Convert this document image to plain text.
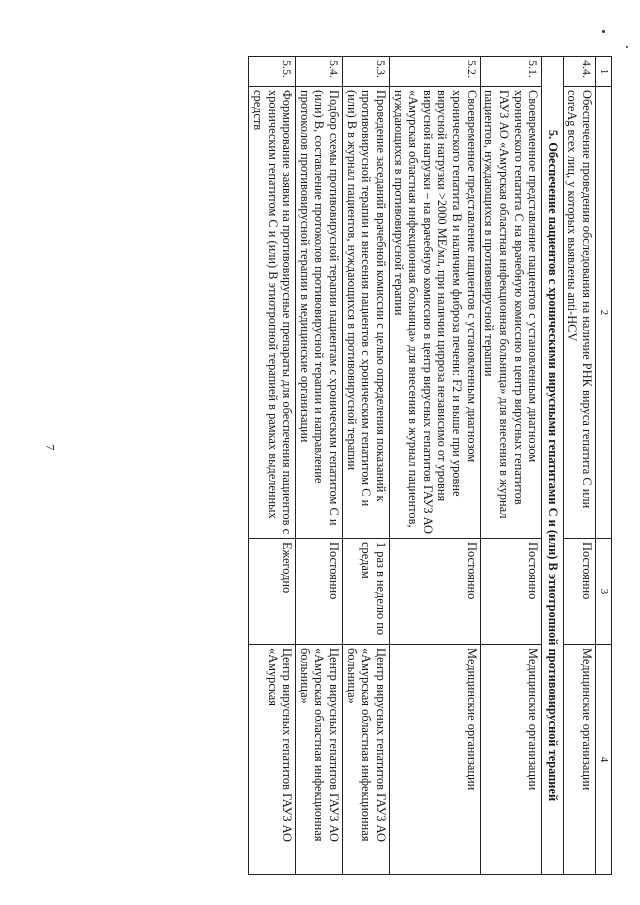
7
1	2	3	4
4.4.	Обеспечение проведения обследования на наличие РНК вируса гепатита С или coreAg всех лиц, у которых выявлены anti-HCV	Постоянно	Медицинские организации
5. Обеспечение пациентов с хроническими вирусными гепатитами С и (или) В этиотропной противовирусной терапией			
5.1.	Своевременное представление пациентов с установленным диагнозом хронического гепатита С на врачебную комиссию в центр вирусных гепатитов ГАУЗ АО «Амурская областная инфекционная больница» для внесения в журнал пациентов, нуждающихся в противовирусной терапии	Постоянно	Медицинские организации
5.2.	Своевременное представление пациентов с установленным диагнозом хронического гепатита В и наличием фиброза печени: F2 и выше при уровне вирусной нагрузки >2000 МЕ/мл, при наличии цирроза независимо от уровня вирусной нагрузки – на врачебную комиссию в центр вирусных гепатитов ГАУЗ АО «Амурская областная инфекционная больница» для внесения в журнал пациентов, нуждающихся в противовирусной терапии	Постоянно	Медицинские организации
5.3.	Проведение заседаний врачебной комиссии с целью определения показаний к противовирусной терапии и внесения пациентов с хроническим гепатитом С и (или) В в журнал пациентов, нуждающихся в противовирусной терапии	1 раз в неделю по средам	Центр вирусных гепатитов ГАУЗ АО «Амурская областная инфекционная больница»
5.4.	Подбор схемы противовирусной терапии пациентам с хроническим гепатитом С и (или) В, составление протоколов противовирусной терапии и направление протоколов противовирусной терапии в медицинские организации	Постоянно	Центр вирусных гепатитов ГАУЗ АО «Амурская областная инфекционная больница»
5.5.	Формирование заявки на противовирусные препараты для обеспечения пациентов с хроническим гепатитом С и (или) В этиотропной терапией в рамках выделенных средств	Ежегодно	Центр вирусных гепатитов ГАУЗ АО «Амурская
